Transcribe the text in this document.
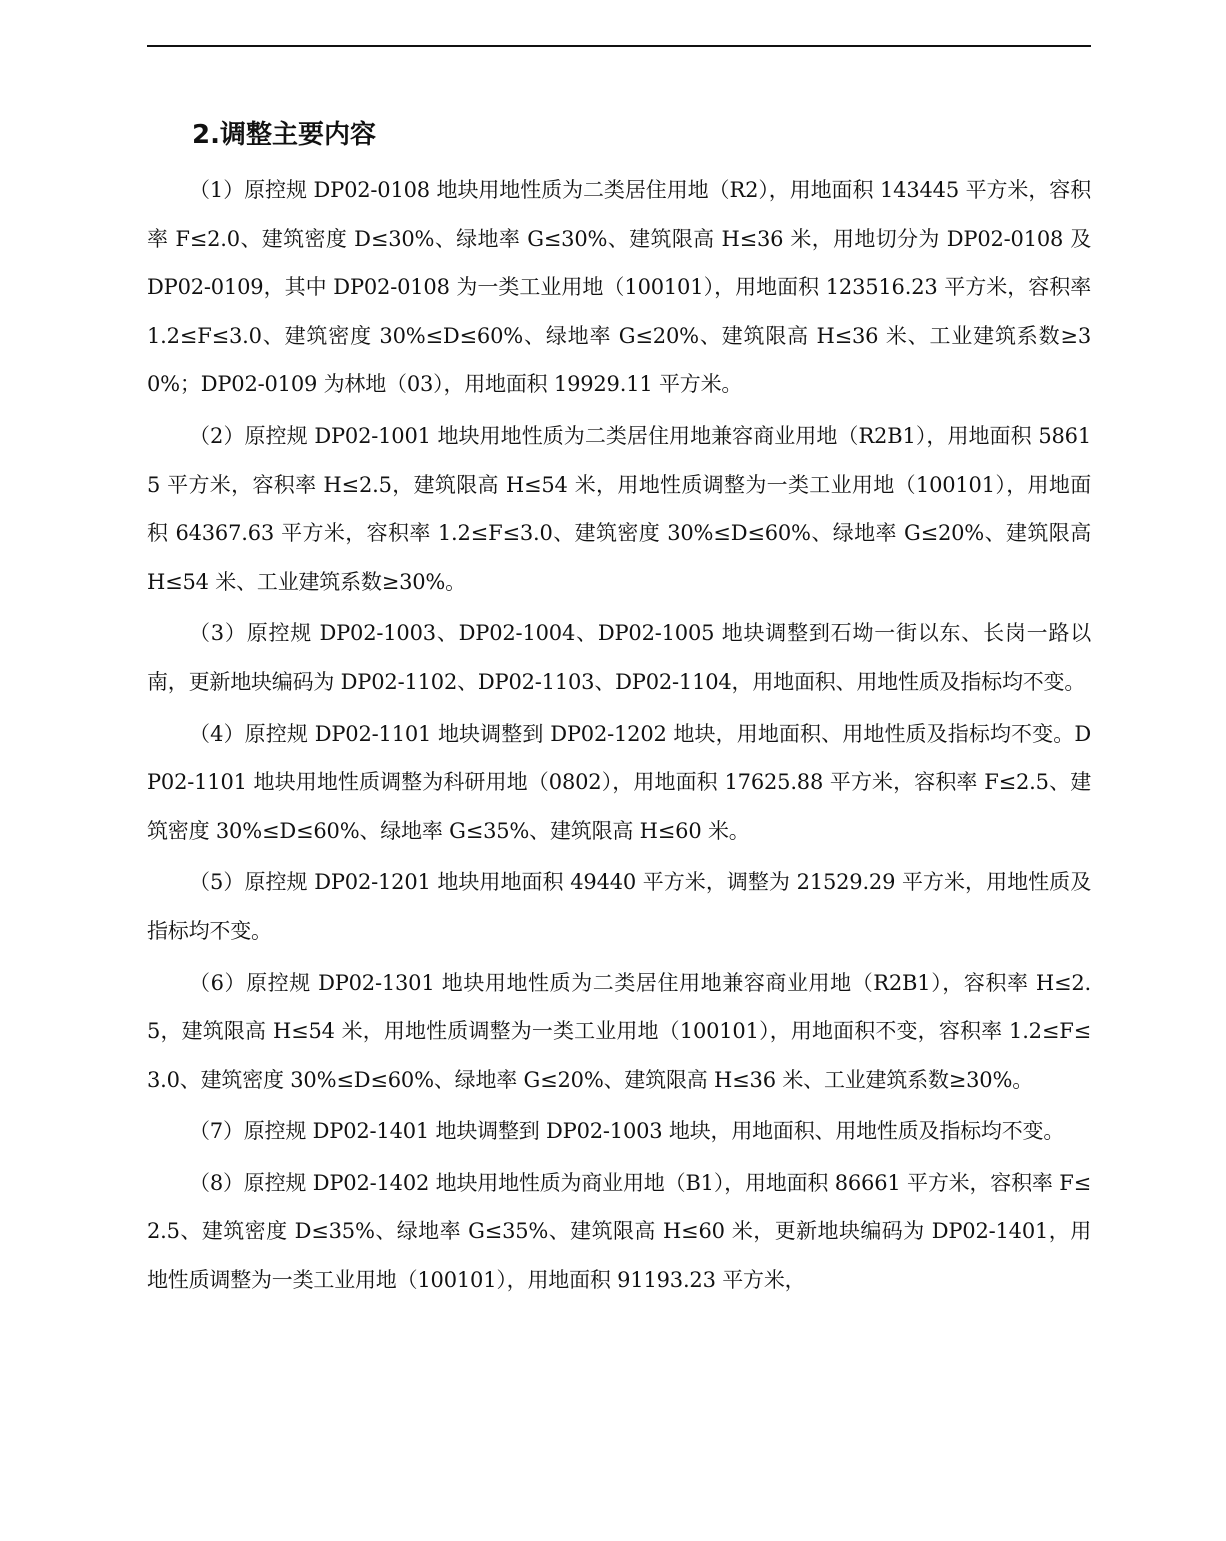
2.调整主要内容

（1）原控规 DP02-0108 地块用地性质为二类居住用地（R2），用地面积 143445 平方米，容积率 F≤2.0、建筑密度 D≤30%、绿地率 G≤30%、建筑限高 H≤36 米，用地切分为 DP02-0108 及 DP02-0109，其中 DP02-0108 为一类工业用地（100101），用地面积 123516.23 平方米，容积率 1.2≤F≤3.0、建筑密度 30%≤D≤60%、绿地率 G≤20%、建筑限高 H≤36 米、工业建筑系数≥30%；DP02-0109 为林地（03），用地面积 19929.11 平方米。

（2）原控规 DP02-1001 地块用地性质为二类居住用地兼容商业用地（R2B1），用地面积 58615 平方米，容积率 H≤2.5，建筑限高 H≤54 米，用地性质调整为一类工业用地（100101），用地面积 64367.63 平方米，容积率 1.2≤F≤3.0、建筑密度 30%≤D≤60%、绿地率 G≤20%、建筑限高 H≤54 米、工业建筑系数≥30%。

（3）原控规 DP02-1003、DP02-1004、DP02-1005 地块调整到石坳一街以东、长岗一路以南，更新地块编码为 DP02-1102、DP02-1103、DP02-1104，用地面积、用地性质及指标均不变。

（4）原控规 DP02-1101 地块调整到 DP02-1202 地块，用地面积、用地性质及指标均不变。DP02-1101 地块用地性质调整为科研用地（0802），用地面积 17625.88 平方米，容积率 F≤2.5、建筑密度 30%≤D≤60%、绿地率 G≤35%、建筑限高 H≤60 米。

（5）原控规 DP02-1201 地块用地面积 49440 平方米，调整为 21529.29 平方米，用地性质及指标均不变。

（6）原控规 DP02-1301 地块用地性质为二类居住用地兼容商业用地（R2B1），容积率 H≤2.5，建筑限高 H≤54 米，用地性质调整为一类工业用地（100101），用地面积不变，容积率 1.2≤F≤3.0、建筑密度 30%≤D≤60%、绿地率 G≤20%、建筑限高 H≤36 米、工业建筑系数≥30%。

（7）原控规 DP02-1401 地块调整到 DP02-1003 地块，用地面积、用地性质及指标均不变。

（8）原控规 DP02-1402 地块用地性质为商业用地（B1），用地面积 86661 平方米，容积率 F≤2.5、建筑密度 D≤35%、绿地率 G≤35%、建筑限高 H≤60 米，更新地块编码为 DP02-1401，用地性质调整为一类工业用地（100101），用地面积 91193.23 平方米，
